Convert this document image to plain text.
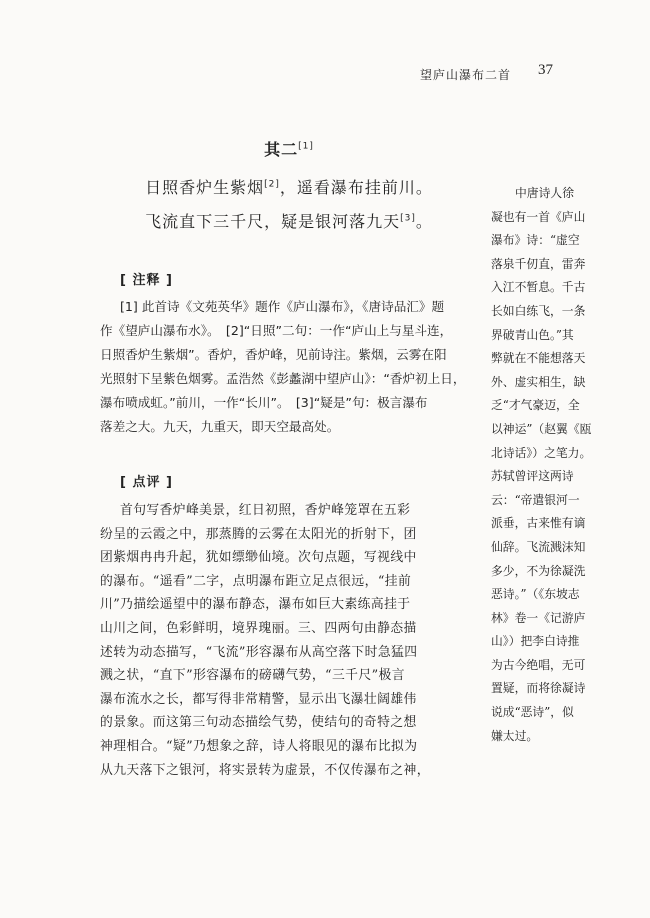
望庐山瀑布二首 37
其二[1]
日照香炉生紫烟[2]，遥看瀑布挂前川。
飞流直下三千尺，疑是银河落九天[3]。
[ 注释 ]
[1] 此首诗《文苑英华》题作《庐山瀑布》，《唐诗品汇》题
作《望庐山瀑布水》。　[2]“日照”二句：一作“庐山上与星斗连，
日照香炉生紫烟”。香炉，香炉峰，见前诗注。紫烟，云雾在阳
光照射下呈紫色烟雾。孟浩然《彭蠡湖中望庐山》：“香炉初上日，
瀑布喷成虹。”前川，一作“长川”。　[3]“疑是”句：极言瀑布
落差之大。九天，九重天，即天空最高处。
[ 点评 ]
首句写香炉峰美景，红日初照，香炉峰笼罩在五彩
纷呈的云霞之中，那蒸腾的云雾在太阳光的折射下，团
团紫烟冉冉升起，犹如缥缈仙境。次句点题，写视线中
的瀑布。“遥看”二字，点明瀑布距立足点很远，“挂前
川”乃描绘遥望中的瀑布静态，瀑布如巨大素练高挂于
山川之间，色彩鲜明，境界瑰丽。三、四两句由静态描
述转为动态描写，“飞流”形容瀑布从高空落下时急猛四
溅之状，“直下”形容瀑布的磅礴气势，“三千尺”极言
瀑布流水之长，都写得非常精警，显示出飞瀑壮阔雄伟
的景象。而这第三句动态描绘气势，使结句的奇特之想
神理相合。“疑”乃想象之辞，诗人将眼见的瀑布比拟为
从九天落下之银河，将实景转为虚景，不仅传瀑布之神，
中唐诗人徐
凝也有一首《庐山
瀑布》诗：“虚空
落泉千仞直，雷奔
入江不暂息。千古
长如白练飞，一条
界破青山色。”其
弊就在不能想落天
外、虚实相生，缺
乏“才气豪迈，全
以神运”（赵翼《瓯
北诗话》）之笔力。
苏轼曾评这两诗
云：“帝遣银河一
派垂，古来惟有谪
仙辞。飞流溅沫知
多少，不为徐凝洗
恶诗。”（《东坡志
林》卷一《记游庐
山》）把李白诗推
为古今绝唱，无可
置疑，而将徐凝诗
说成“恶诗”，似
嫌太过。
